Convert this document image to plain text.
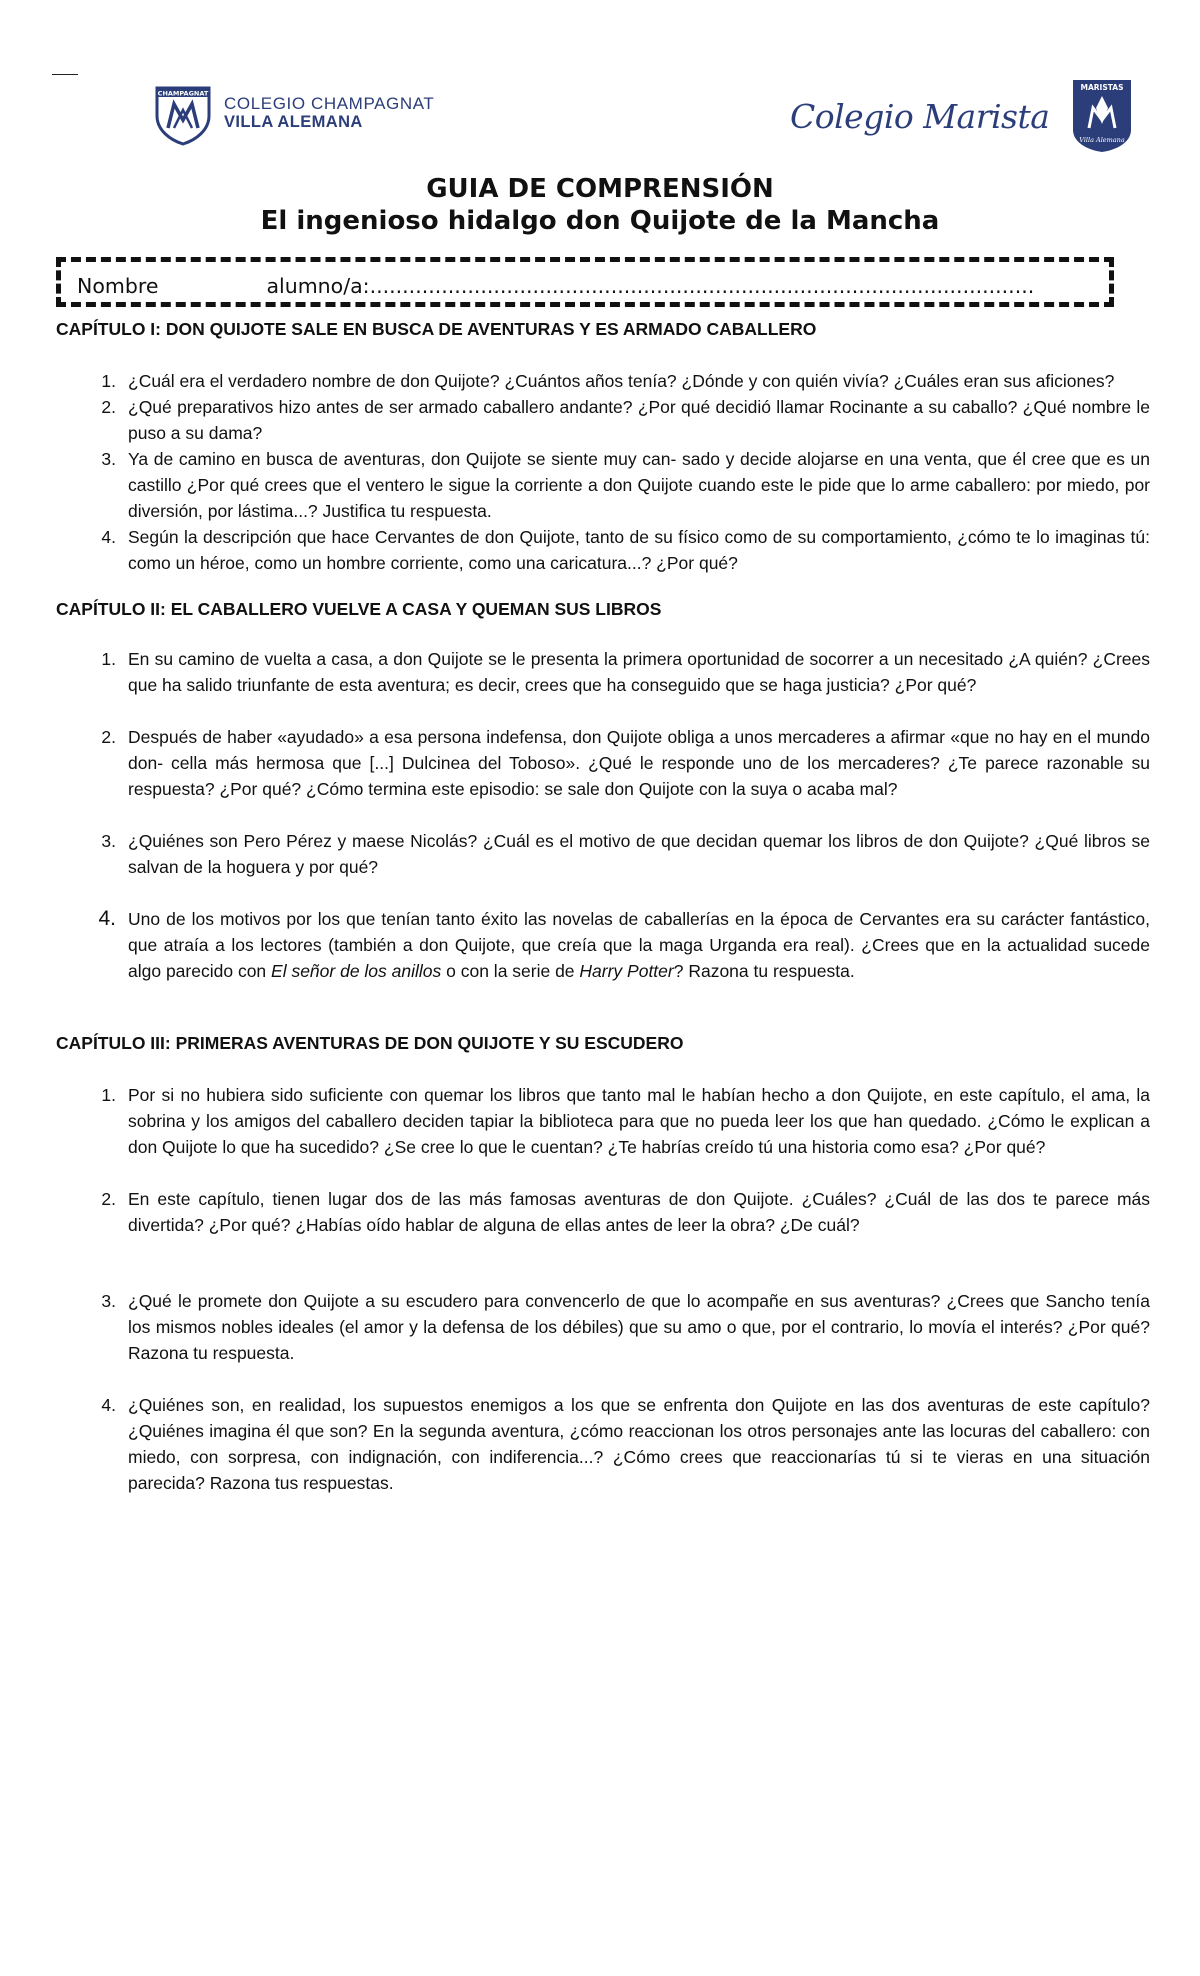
CHAMPAGNAT
COLEGIO CHAMPAGNAT
VILLA ALEMANA	Colegio Marista
MARISTAS
Villa Alemana
GUIA DE COMPRENSIÓN
El ingenioso hidalgo don Quijote de la Mancha
Nombre	alumno/a:......................................................................................................

CAPÍTULO I: DON QUIJOTE SALE EN BUSCA DE AVENTURAS Y ES ARMADO CABALLERO

1. ¿Cuál era el verdadero nombre de don Quijote? ¿Cuántos años tenía? ¿Dónde y con quién vivía? ¿Cuáles eran sus aficiones?
2. ¿Qué preparativos hizo antes de ser armado caballero andante? ¿Por qué decidió llamar Rocinante a su caballo? ¿Qué nombre le puso a su dama?
3. Ya de camino en busca de aventuras, don Quijote se siente muy can- sado y decide alojarse en una venta, que él cree que es un castillo ¿Por qué crees que el ventero le sigue la corriente a don Quijote cuando este le pide que lo arme caballero: por miedo, por diversión, por lástima...? Justifica tu respuesta.
4. Según la descripción que hace Cervantes de don Quijote, tanto de su físico como de su comportamiento, ¿cómo te lo imaginas tú: como un héroe, como un hombre corriente, como una caricatura...? ¿Por qué?

CAPÍTULO II: EL CABALLERO VUELVE A CASA Y QUEMAN SUS LIBROS

1. En su camino de vuelta a casa, a don Quijote se le presenta la primera oportunidad de socorrer a un necesitado ¿A quién? ¿Crees que ha salido triunfante de esta aventura; es decir, crees que ha conseguido que se haga justicia? ¿Por qué?
2. Después de haber «ayudado» a esa persona indefensa, don Quijote obliga a unos mercaderes a afirmar «que no hay en el mundo don- cella más hermosa que [...] Dulcinea del Toboso». ¿Qué le responde uno de los mercaderes? ¿Te parece razonable su respuesta? ¿Por qué? ¿Cómo termina este episodio: se sale don Quijote con la suya o acaba mal?
3. ¿Quiénes son Pero Pérez y maese Nicolás? ¿Cuál es el motivo de que decidan quemar los libros de don Quijote? ¿Qué libros se salvan de la hoguera y por qué?
4. Uno de los motivos por los que tenían tanto éxito las novelas de caballerías en la época de Cervantes era su carácter fantástico, que atraía a los lectores (también a don Quijote, que creía que la maga Urganda era real). ¿Crees que en la actualidad sucede algo parecido con El señor de los anillos o con la serie de Harry Potter? Razona tu respuesta.

CAPÍTULO III: PRIMERAS AVENTURAS DE DON QUIJOTE Y SU ESCUDERO

1. Por si no hubiera sido suficiente con quemar los libros que tanto mal le habían hecho a don Quijote, en este capítulo, el ama, la sobrina y los amigos del caballero deciden tapiar la biblioteca para que no pueda leer los que han quedado. ¿Cómo le explican a don Quijote lo que ha sucedido? ¿Se cree lo que le cuentan? ¿Te habrías creído tú una historia como esa? ¿Por qué?
2. En este capítulo, tienen lugar dos de las más famosas aventuras de don Quijote. ¿Cuáles? ¿Cuál de las dos te parece más divertida? ¿Por qué? ¿Habías oído hablar de alguna de ellas antes de leer la obra? ¿De cuál?
3. ¿Qué le promete don Quijote a su escudero para convencerlo de que lo acompañe en sus aventuras? ¿Crees que Sancho tenía los mismos nobles ideales (el amor y la defensa de los débiles) que su amo o que, por el contrario, lo movía el interés? ¿Por qué? Razona tu respuesta.
4. ¿Quiénes son, en realidad, los supuestos enemigos a los que se enfrenta don Quijote en las dos aventuras de este capítulo? ¿Quiénes imagina él que son? En la segunda aventura, ¿cómo reaccionan los otros personajes ante las locuras del caballero: con miedo, con sorpresa, con indignación, con indiferencia...? ¿Cómo crees que reaccionarías tú si te vieras en una situación parecida? Razona tus respuestas.
